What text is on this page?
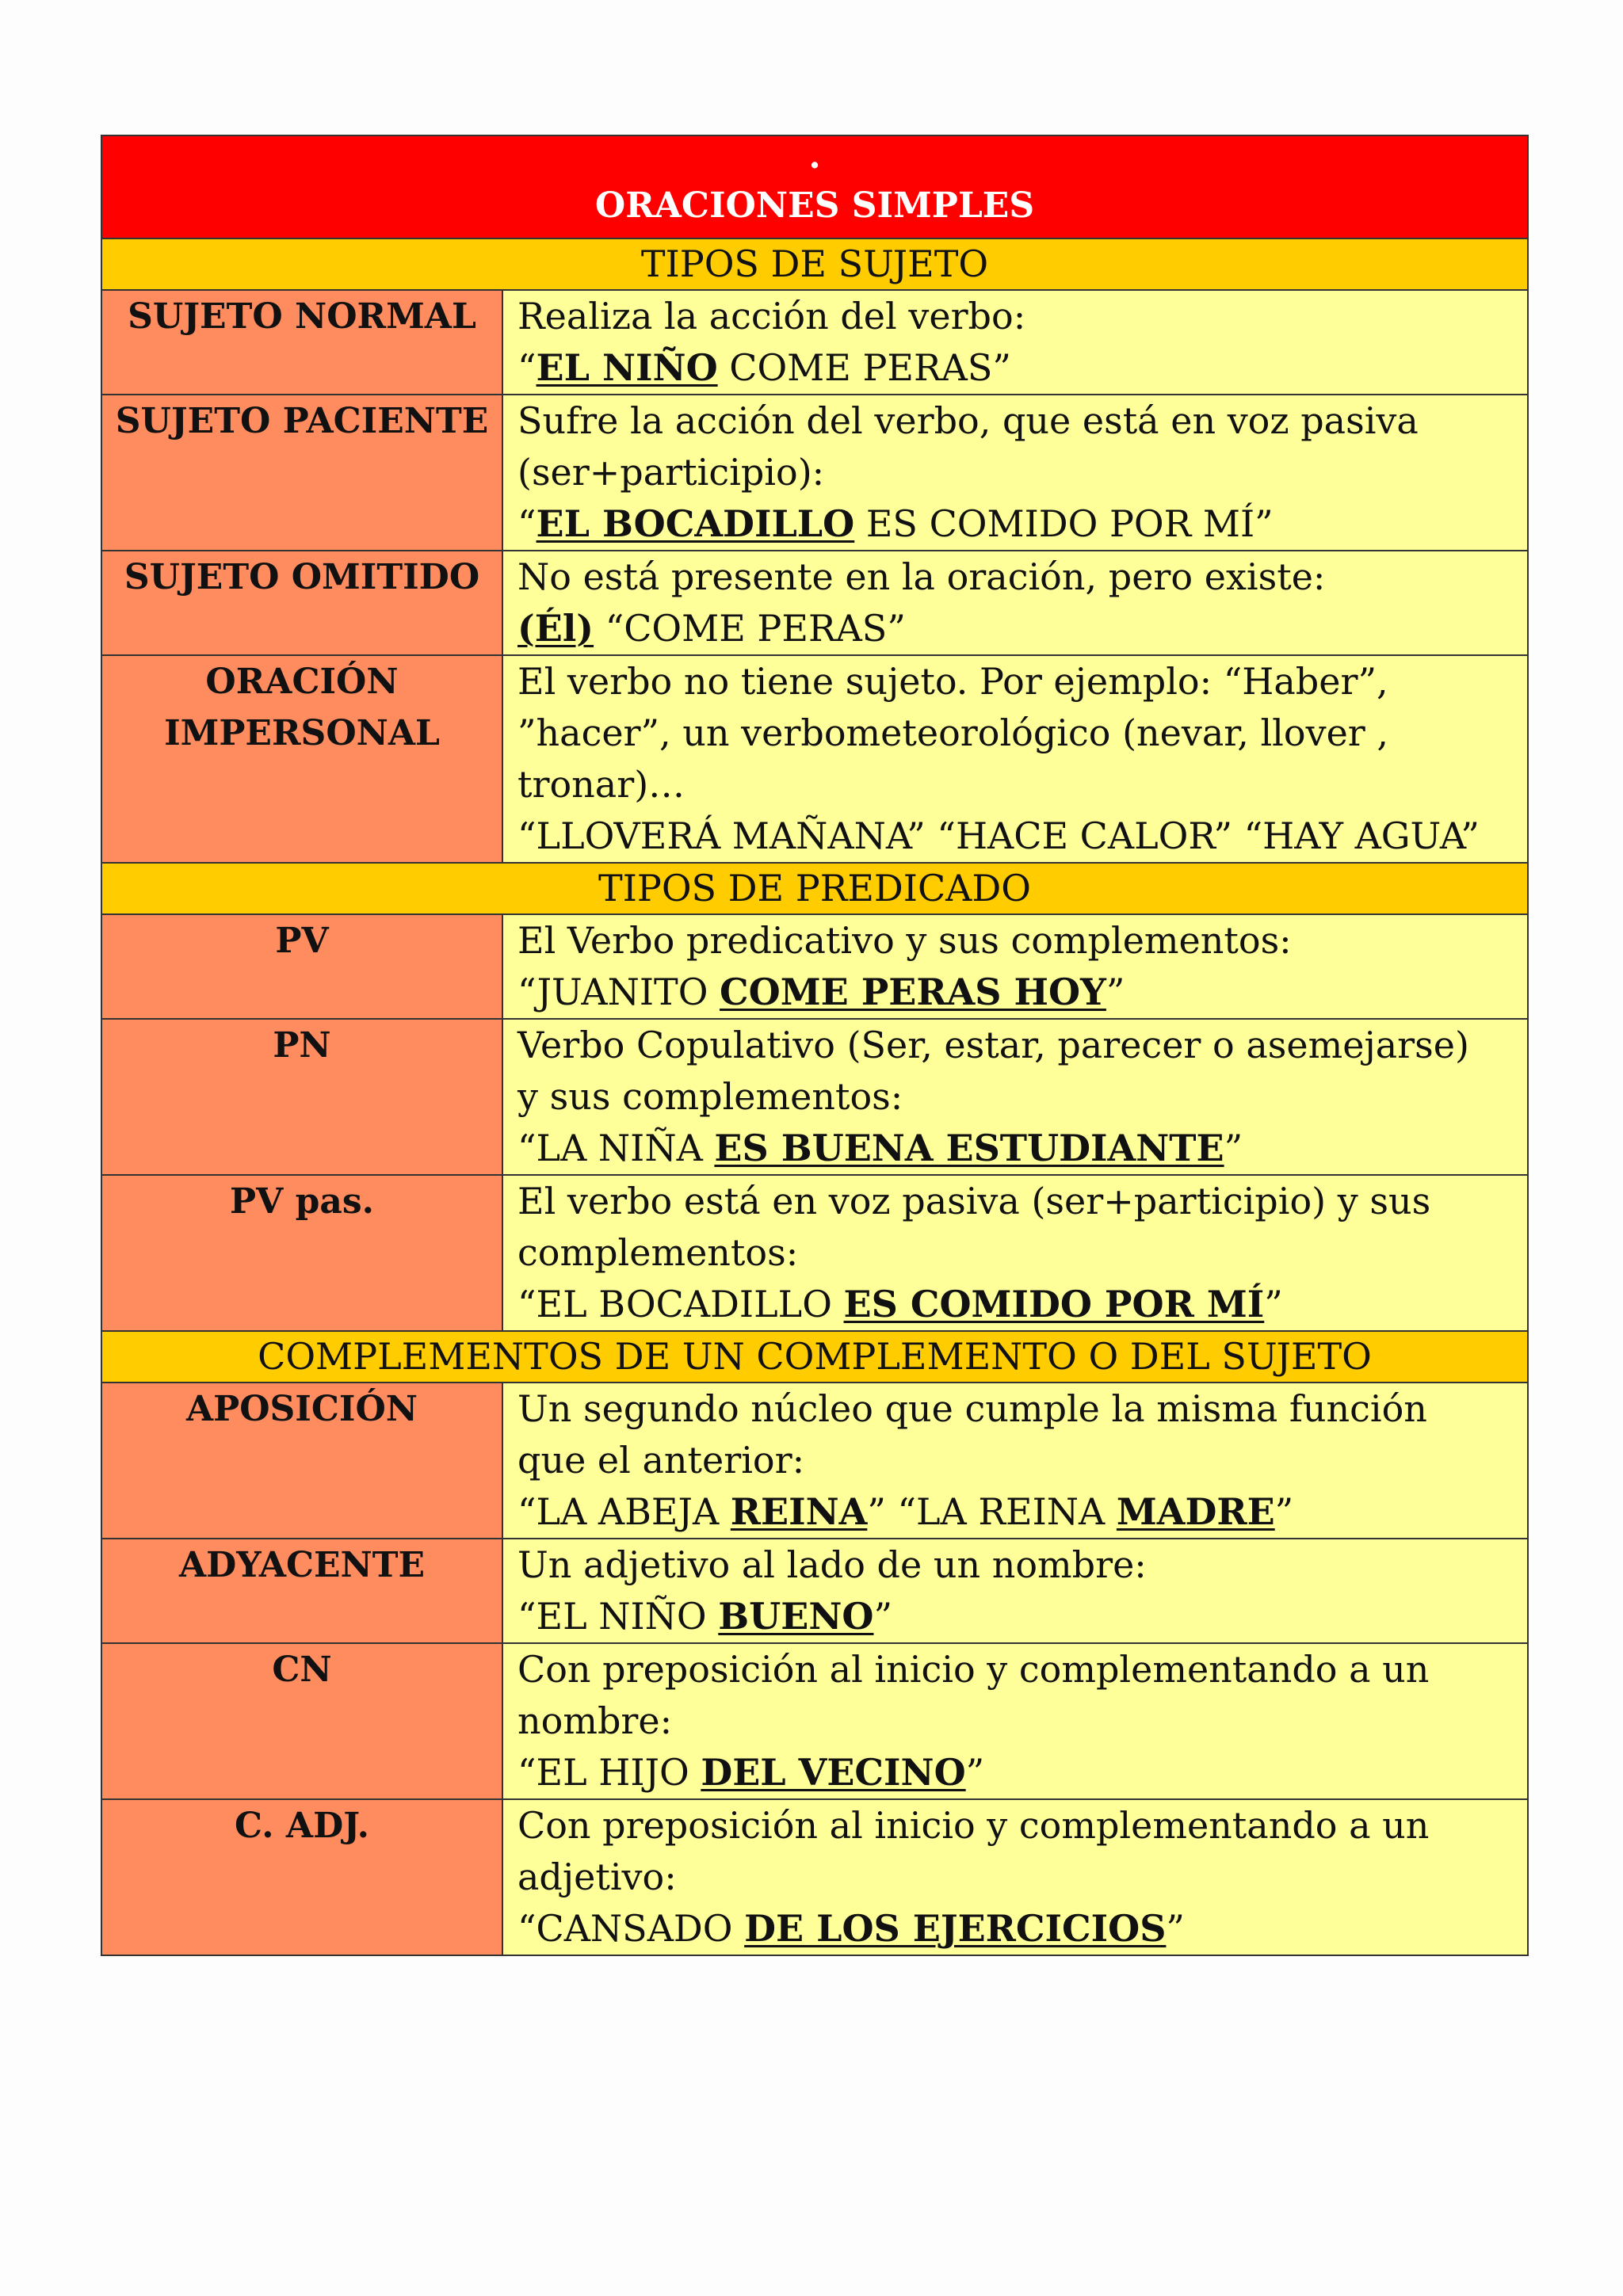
.
ORACIONES SIMPLES	

TIPOS DE SUJETO	
SUJETO NORMAL	Realiza la acción del verbo:
“EL NIÑO COME PERAS”

SUJETO PACIENTE	Sufre la acción del verbo, que está en voz pasiva
(ser+participio):
“EL BOCADILLO ES COMIDO POR MÍ”

SUJETO OMITIDO	No está presente en la oración, pero existe:
(Él) “COME PERAS”

ORACIÓN
IMPERSONAL	El verbo no tiene sujeto. Por ejemplo: “Haber”,
”hacer”, un verbometeorológico (nevar, llover ,
tronar)…
“LLOVERÁ MAÑANA” “HACE CALOR” “HAY AGUA”

TIPOS DE PREDICADO	
PV	El Verbo predicativo y sus complementos:
“JUANITO COME PERAS HOY”

PN	Verbo Copulativo (Ser, estar, parecer o asemejarse)
y sus complementos:
“LA NIÑA ES BUENA ESTUDIANTE”

PV pas.	El verbo está en voz pasiva (ser+participio) y sus
complementos:
“EL BOCADILLO ES COMIDO POR MÍ”

COMPLEMENTOS DE UN COMPLEMENTO O DEL SUJETO	
APOSICIÓN	Un segundo núcleo que cumple la misma función
que el anterior:
“LA ABEJA REINA” “LA REINA MADRE”

ADYACENTE	Un adjetivo al lado de un nombre:
“EL NIÑO BUENO”

CN	Con preposición al inicio y complementando a un
nombre:
“EL HIJO DEL VECINO”

C. ADJ.	Con preposición al inicio y complementando a un
adjetivo:
“CANSADO DE LOS EJERCICIOS”
